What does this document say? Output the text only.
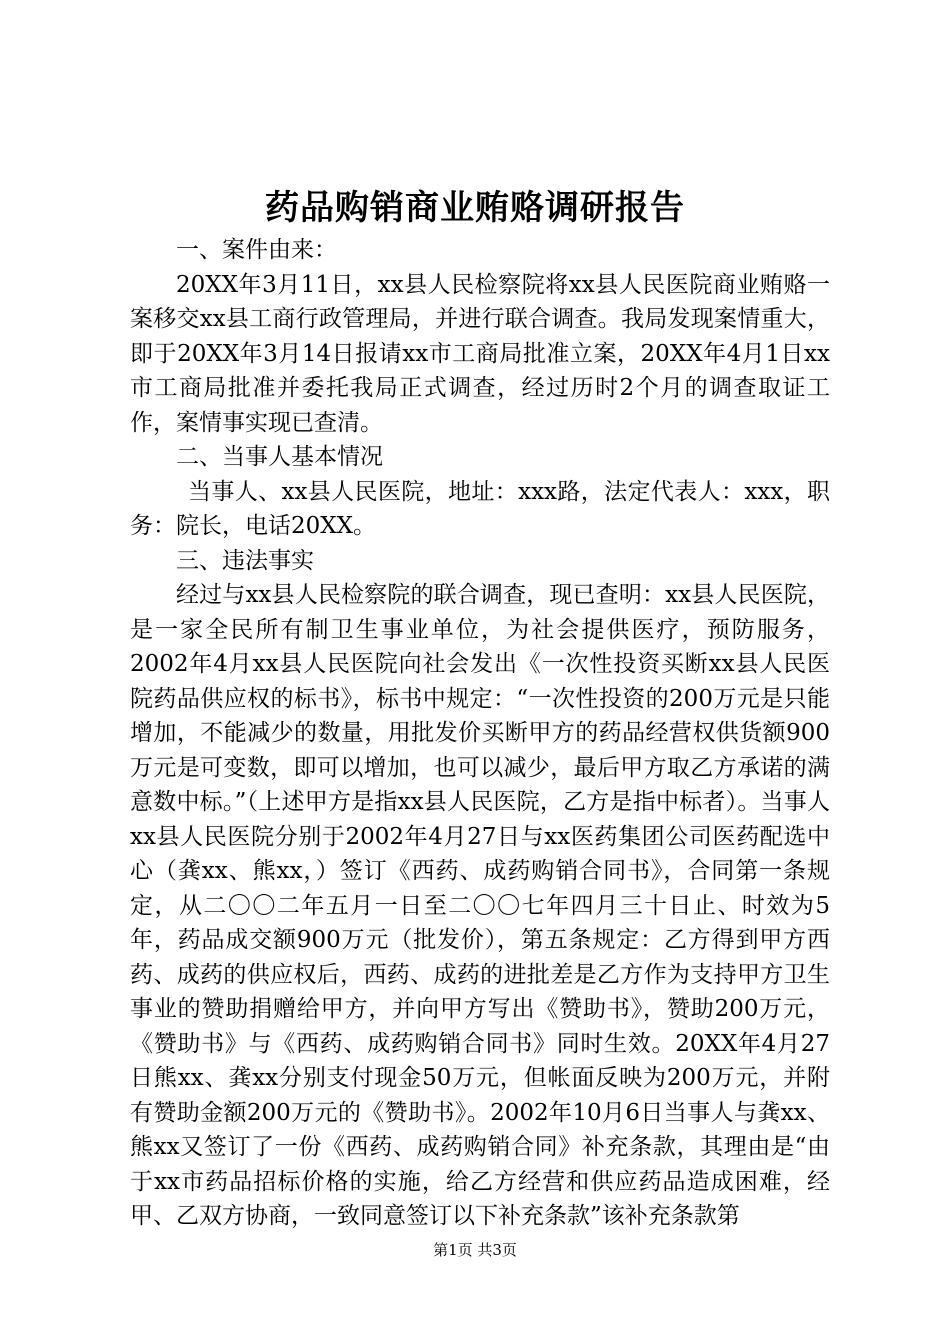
药品购销商业贿赂调研报告

一、案件由来：

20XX年3月11日，xx县人民检察院将xx县人民医院商业贿赂一案移交xx县工商行政管理局，并进行联合调查。我局发现案情重大，即于20XX年3月14日报请xx市工商局批准立案，20XX年4月1日xx市工商局批准并委托我局正式调查，经过历时2个月的调查取证工作，案情事实现已查清。

二、当事人基本情况

当事人、xx县人民医院，地址：xxx路，法定代表人：xxx，职务：院长，电话20XX。

三、违法事实

经过与xx县人民检察院的联合调查，现已查明：xx县人民医院，是一家全民所有制卫生事业单位，为社会提供医疗，预防服务，2002年4月xx县人民医院向社会发出《一次性投资买断xx县人民医院药品供应权的标书》，标书中规定：“一次性投资的200万元是只能增加，不能减少的数量，用批发价买断甲方的药品经营权供货额900万元是可变数，即可以增加，也可以减少，最后甲方取乙方承诺的满意数中标。”（上述甲方是指xx县人民医院，乙方是指中标者）。当事人xx县人民医院分别于2002年4月27日与xx医药集团公司医药配选中心（龚xx、熊xx，）签订《西药、成药购销合同书》，合同第一条规定，从二〇〇二年五月一日至二〇〇七年四月三十日止、时效为5年，药品成交额900万元（批发价），第五条规定：乙方得到甲方西药、成药的供应权后，西药、成药的进批差是乙方作为支持甲方卫生事业的赞助捐赠给甲方，并向甲方写出《赞助书》，赞助200万元，《赞助书》与《西药、成药购销合同书》同时生效。20XX年4月27日熊xx、龚xx分别支付现金50万元，但帐面反映为200万元，并附有赞助金额200万元的《赞助书》。2002年10月6日当事人与龚xx、熊xx又签订了一份《西药、成药购销合同》补充条款，其理由是“由于xx市药品招标价格的实施，给乙方经营和供应药品造成困难，经甲、乙双方协商，一致同意签订以下补充条款”该补充条款第

第1页 共3页
